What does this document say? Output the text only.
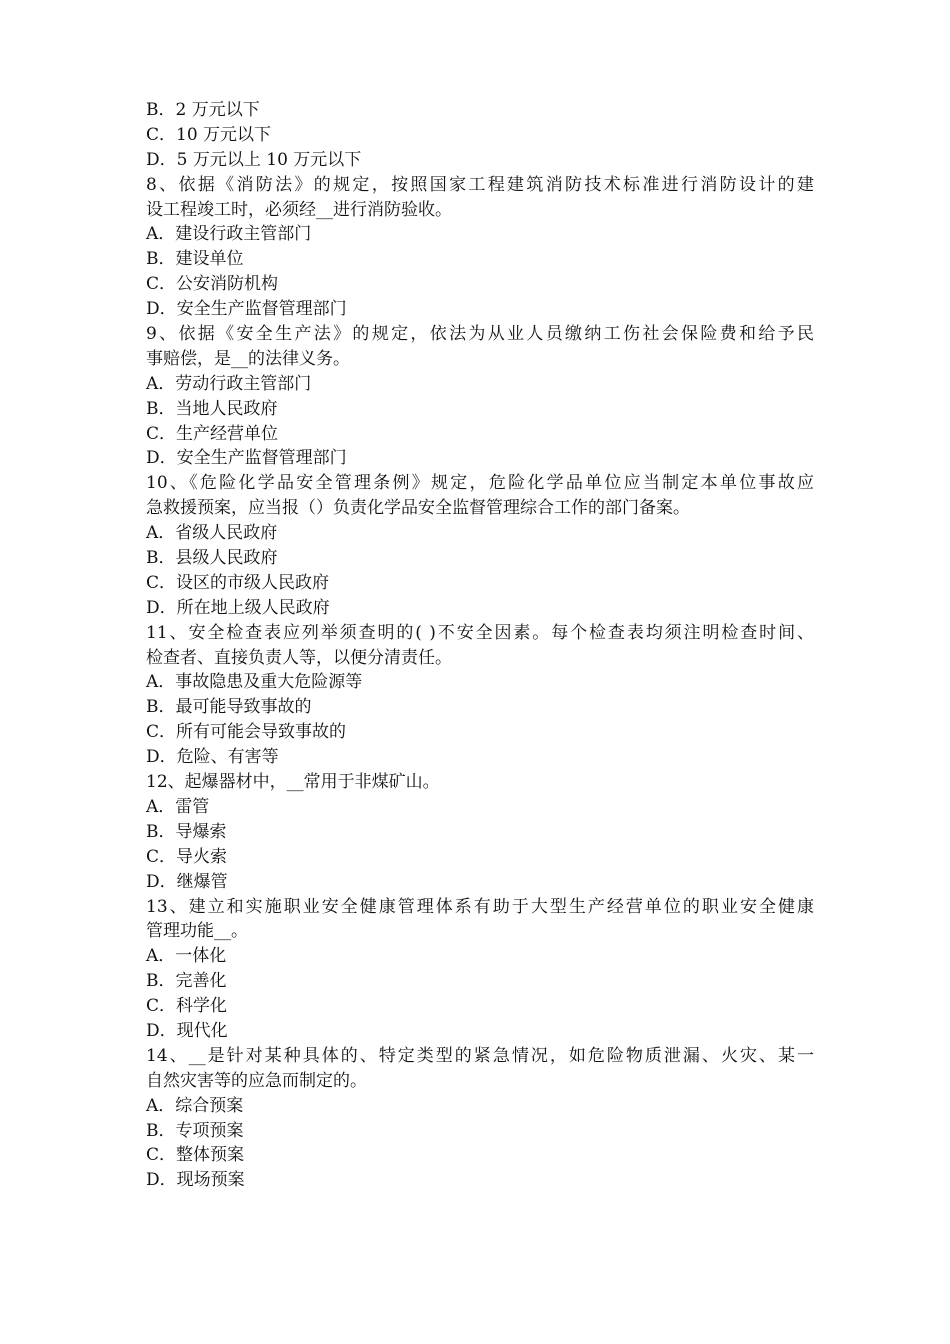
B．2 万元以下
C．10 万元以下
D．5 万元以上 10 万元以下
8、依据《消防法》的规定，按照国家工程建筑消防技术标准进行消防设计的建
设工程竣工时，必须经__进行消防验收。
A．建设行政主管部门
B．建设单位
C．公安消防机构
D．安全生产监督管理部门
9、依据《安全生产法》的规定，依法为从业人员缴纳工伤社会保险费和给予民
事赔偿，是__的法律义务。
A．劳动行政主管部门
B．当地人民政府
C．生产经营单位
D．安全生产监督管理部门
10、《危险化学品安全管理条例》规定，危险化学品单位应当制定本单位事故应
急救援预案，应当报（）负责化学品安全监督管理综合工作的部门备案。
A．省级人民政府
B．县级人民政府
C．设区的市级人民政府
D．所在地上级人民政府
11、安全检查表应列举须查明的( )不安全因素。每个检查表均须注明检查时间、
检查者、直接负责人等，以便分清责任。
A．事故隐患及重大危险源等
B．最可能导致事故的
C．所有可能会导致事故的
D．危险、有害等
12、起爆器材中，__常用于非煤矿山。
A．雷管
B．导爆索
C．导火索
D．继爆管
13、建立和实施职业安全健康管理体系有助于大型生产经营单位的职业安全健康
管理功能__。
A．一体化
B．完善化
C．科学化
D．现代化
14、__是针对某种具体的、特定类型的紧急情况，如危险物质泄漏、火灾、某一
自然灾害等的应急而制定的。
A．综合预案
B．专项预案
C．整体预案
D．现场预案
